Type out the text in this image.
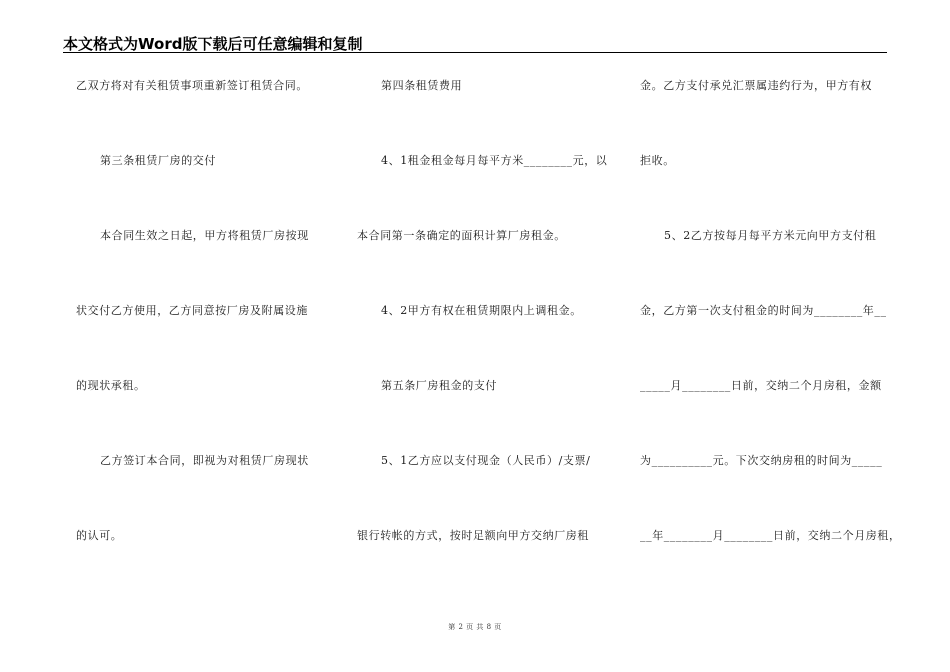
本文格式为Word版下载后可任意编辑和复制
乙双方将对有关租赁事项重新签订租赁合同。
第三条租赁厂房的交付
本合同生效之日起，甲方将租赁厂房按现
状交付乙方使用，乙方同意按厂房及附属设施
的现状承租。
乙方签订本合同，即视为对租赁厂房现状
的认可。
第四条租赁费用
4、1租金租金每月每平方米________元，以
本合同第一条确定的面积计算厂房租金。
4、2甲方有权在租赁期限内上调租金。
第五条厂房租金的支付
5、1乙方应以支付现金（人民币）/支票/
银行转帐的方式，按时足额向甲方交纳厂房租
金。乙方支付承兑汇票属违约行为，甲方有权
拒收。
5、2乙方按每月每平方米元向甲方支付租
金，乙方第一次支付租金的时间为________年__
_____月________日前，交纳二个月房租，金额
为__________元。下次交纳房租的时间为_____
__年________月________日前，交纳二个月房租，
第 2 页 共 8 页
